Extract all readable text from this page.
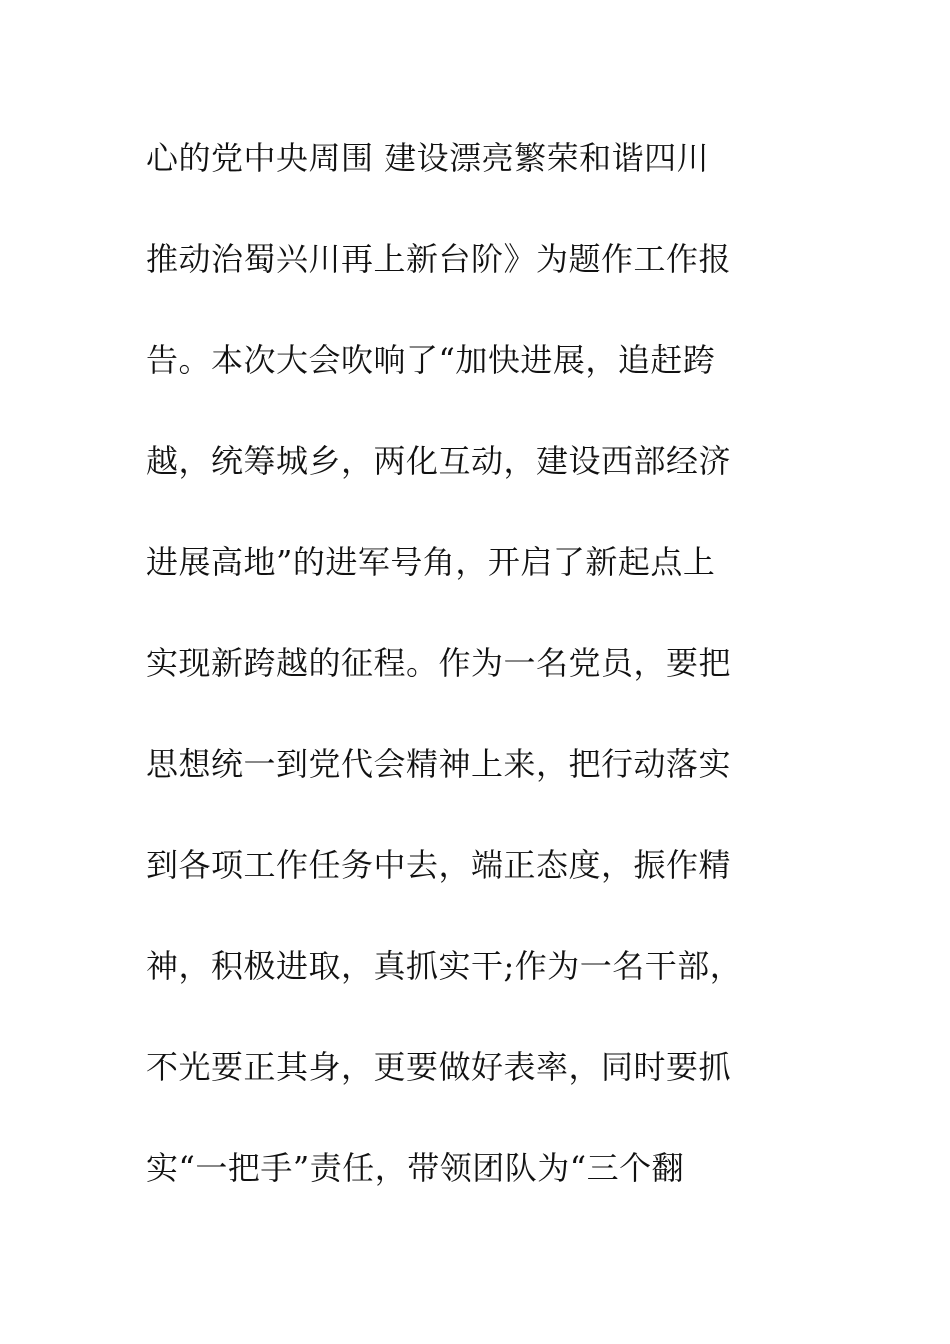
心的党中央周围 建设漂亮繁荣和谐四川
推动治蜀兴川再上新台阶》为题作工作报
告。本次大会吹响了“加快进展，追赶跨
越，统筹城乡，两化互动，建设西部经济
进展高地”的进军号角，开启了新起点上
实现新跨越的征程。作为一名党员，要把
思想统一到党代会精神上来，把行动落实
到各项工作任务中去，端正态度，振作精
神，积极进取，真抓实干;作为一名干部，
不光要正其身，更要做好表率，同时要抓
实“一把手”责任，带领团队为“三个翻
